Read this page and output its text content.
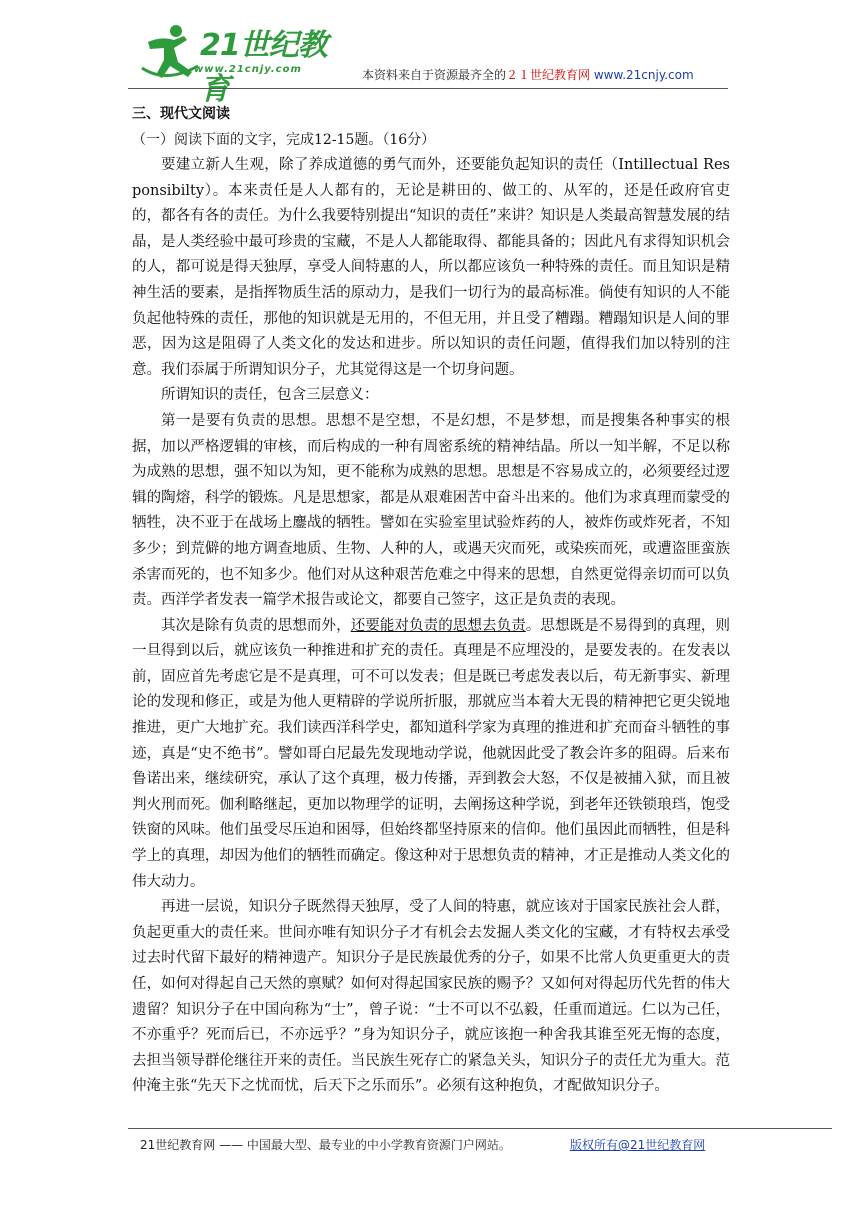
21世纪教育
www.21cnjy.com	本资料来自于资源最齐全的２１世纪教育网 www.21cnjy.com
三、现代文阅读
（一）阅读下面的文字，完成12-15题。（16分）

要建立新人生观，除了养成道德的勇气而外，还要能负起知识的责任（Intillectual Responsibilty）。本来责任是人人都有的，无论是耕田的、做工的、从军的，还是任政府官吏的，都各有各的责任。为什么我要特别提出“知识的责任”来讲？知识是人类最高智慧发展的结晶，是人类经验中最可珍贵的宝藏，不是人人都能取得、都能具备的；因此凡有求得知识机会的人，都可说是得天独厚，享受人间特惠的人，所以都应该负一种特殊的责任。而且知识是精神生活的要素，是指挥物质生活的原动力，是我们一切行为的最高标准。倘使有知识的人不能负起他特殊的责任，那他的知识就是无用的，不但无用，并且受了糟蹋。糟蹋知识是人间的罪恶，因为这是阻碍了人类文化的发达和进步。所以知识的责任问题，值得我们加以特别的注意。我们忝属于所谓知识分子，尤其觉得这是一个切身问题。

所谓知识的责任，包含三层意义：

第一是要有负责的思想。思想不是空想，不是幻想，不是梦想，而是搜集各种事实的根据，加以严格逻辑的审核，而后构成的一种有周密系统的精神结晶。所以一知半解，不足以称为成熟的思想，强不知以为知，更不能称为成熟的思想。思想是不容易成立的，必须要经过逻辑的陶熔，科学的锻炼。凡是思想家，都是从艰难困苦中奋斗出来的。他们为求真理而蒙受的牺牲，决不亚于在战场上鏖战的牺牲。譬如在实验室里试验炸药的人，被炸伤或炸死者，不知多少；到荒僻的地方调查地质、生物、人种的人，或遇天灾而死，或染疾而死，或遭盗匪蛮族杀害而死的，也不知多少。他们对从这种艰苦危难之中得来的思想，自然更觉得亲切而可以负责。西洋学者发表一篇学术报告或论文，都要自己签字，这正是负责的表现。

其次是除有负责的思想而外，还要能对负责的思想去负责。思想既是不易得到的真理，则一旦得到以后，就应该负一种推进和扩充的责任。真理是不应埋没的，是要发表的。在发表以前，固应首先考虑它是不是真理，可不可以发表；但是既已考虑发表以后，苟无新事实、新理论的发现和修正，或是为他人更精辟的学说所折服，那就应当本着大无畏的精神把它更尖锐地推进，更广大地扩充。我们读西洋科学史，都知道科学家为真理的推进和扩充而奋斗牺牲的事迹，真是“史不绝书”。譬如哥白尼最先发现地动学说，他就因此受了教会许多的阻碍。后来布鲁诺出来，继续研究，承认了这个真理，极力传播，弄到教会大怒，不仅是被捕入狱，而且被判火刑而死。伽利略继起，更加以物理学的证明，去阐扬这种学说，到老年还铁锁琅珰，饱受铁窗的风味。他们虽受尽压迫和困辱，但始终都坚持原来的信仰。他们虽因此而牺牲，但是科学上的真理，却因为他们的牺牲而确定。像这种对于思想负责的精神，才正是推动人类文化的伟大动力。

再进一层说，知识分子既然得天独厚，受了人间的特惠，就应该对于国家民族社会人群，负起更重大的责任来。世间亦唯有知识分子才有机会去发掘人类文化的宝藏，才有特权去承受过去时代留下最好的精神遗产。知识分子是民族最优秀的分子，如果不比常人负更重更大的责任，如何对得起自己天然的禀赋？如何对得起国家民族的赐予？又如何对得起历代先哲的伟大遗留？知识分子在中国向称为“士”，曾子说：“士不可以不弘毅，任重而道远。仁以为己任，不亦重乎？死而后已，不亦远乎？”身为知识分子，就应该抱一种舍我其谁至死无悔的态度，去担当领导群伦继往开来的责任。当民族生死存亡的紧急关头，知识分子的责任尤为重大。范仲淹主张“先天下之忧而忧，后天下之乐而乐”。必须有这种抱负，才配做知识分子。

21世纪教育网 —— 中国最大型、最专业的中小学教育资源门户网站。	版权所有@21世纪教育网
